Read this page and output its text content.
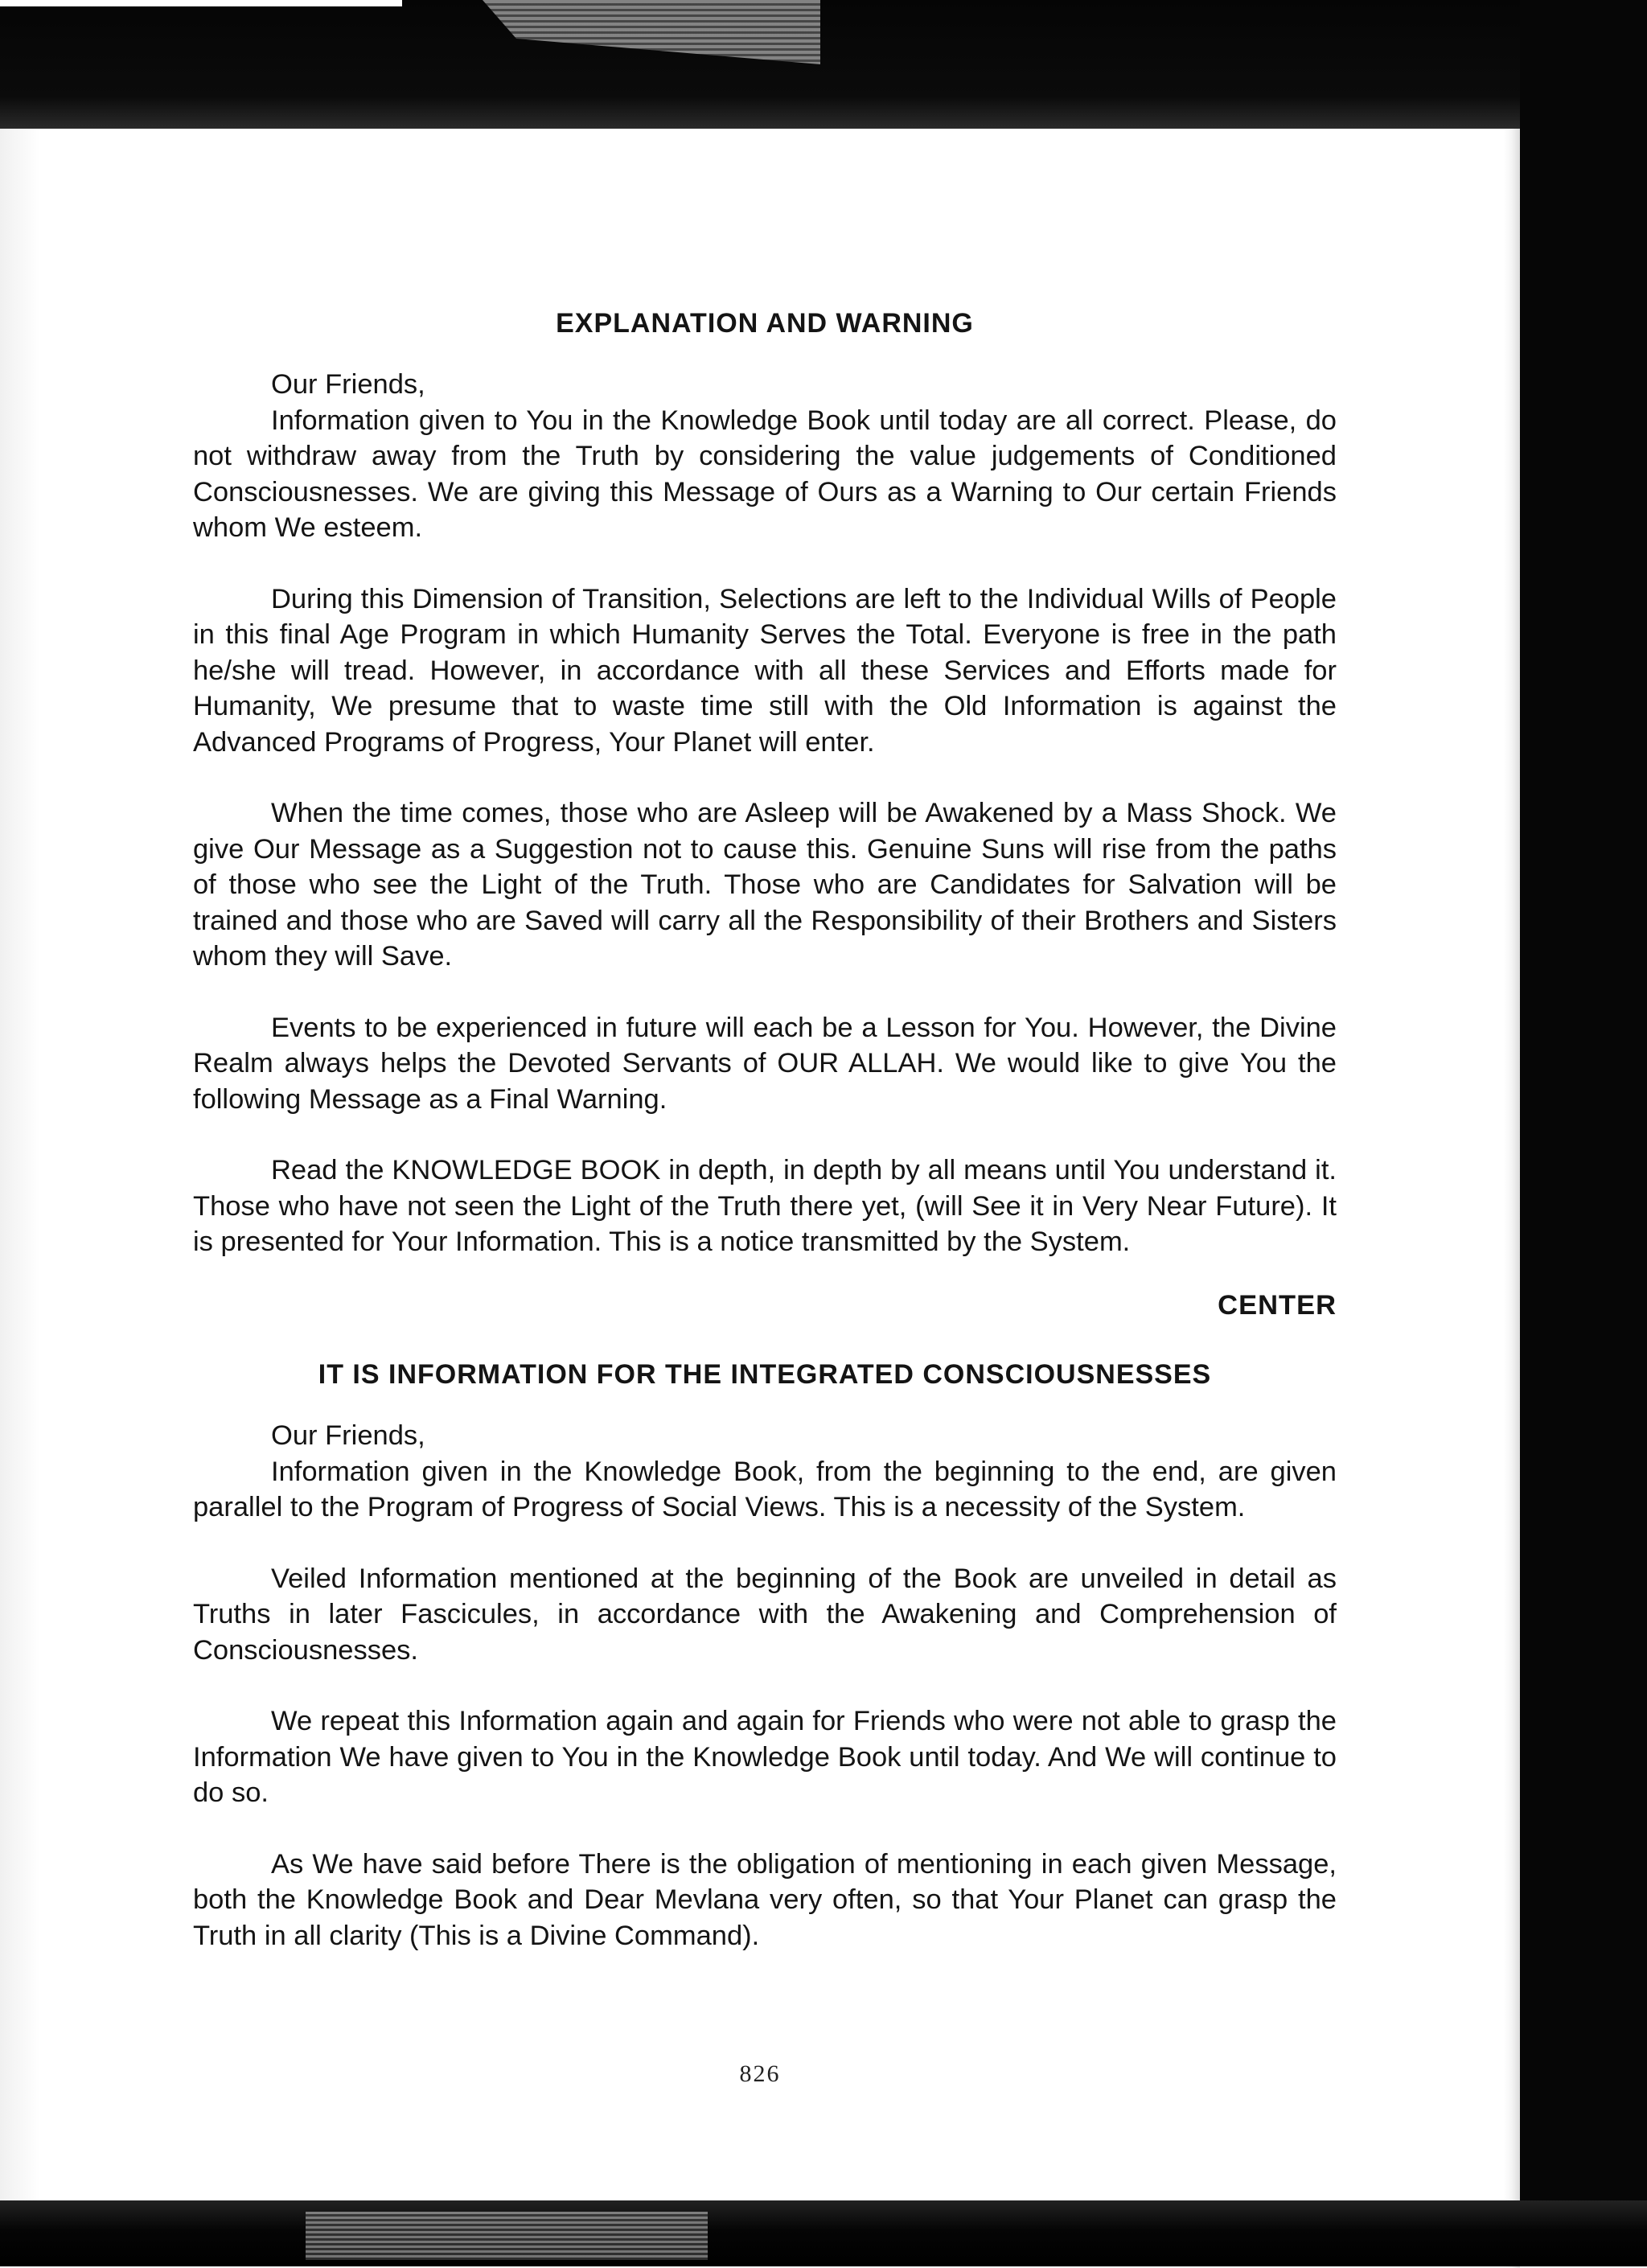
EXPLANATION AND WARNING

Our Friends,

Information given to You in the Knowledge Book until today are all correct. Please, do not withdraw away from the Truth by considering the value judgements of Conditioned Consciousnesses. We are giving this Message of Ours as a Warning to Our certain Friends whom We esteem.

During this Dimension of Transition, Selections are left to the Individual Wills of People in this final Age Program in which Humanity Serves the Total. Everyone is free in the path he/she will tread. However, in accordance with all these Services and Efforts made for Humanity, We presume that to waste time still with the Old Information is against the Advanced Programs of Progress, Your Planet will enter.

When the time comes, those who are Asleep will be Awakened by a Mass Shock. We give Our Message as a Suggestion not to cause this. Genuine Suns will rise from the paths of those who see the Light of the Truth. Those who are Candidates for Salvation will be trained and those who are Saved will carry all the Responsibility of their Brothers and Sisters whom they will Save.

Events to be experienced in future will each be a Lesson for You. However, the Divine Realm always helps the Devoted Servants of OUR ALLAH. We would like to give You the following Message as a Final Warning.

Read the KNOWLEDGE BOOK in depth, in depth by all means until You understand it. Those who have not seen the Light of the Truth there yet, (will See it in Very Near Future). It is presented for Your Information. This is a notice transmitted by the System.

CENTER
IT IS INFORMATION FOR THE INTEGRATED CONSCIOUSNESSES

Our Friends,

Information given in the Knowledge Book, from the beginning to the end, are given parallel to the Program of Progress of Social Views. This is a necessity of the System.

Veiled Information mentioned at the beginning of the Book are unveiled in detail as Truths in later Fascicules, in accordance with the Awakening and Comprehension of Consciousnesses.

We repeat this Information again and again for Friends who were not able to grasp the Information We have given to You in the Knowledge Book until today. And We will continue to do so.

As We have said before There is the obligation of mentioning in each given Message, both the Knowledge Book and Dear Mevlana very often, so that Your Planet can grasp the Truth in all clarity (This is a Divine Command).

826
